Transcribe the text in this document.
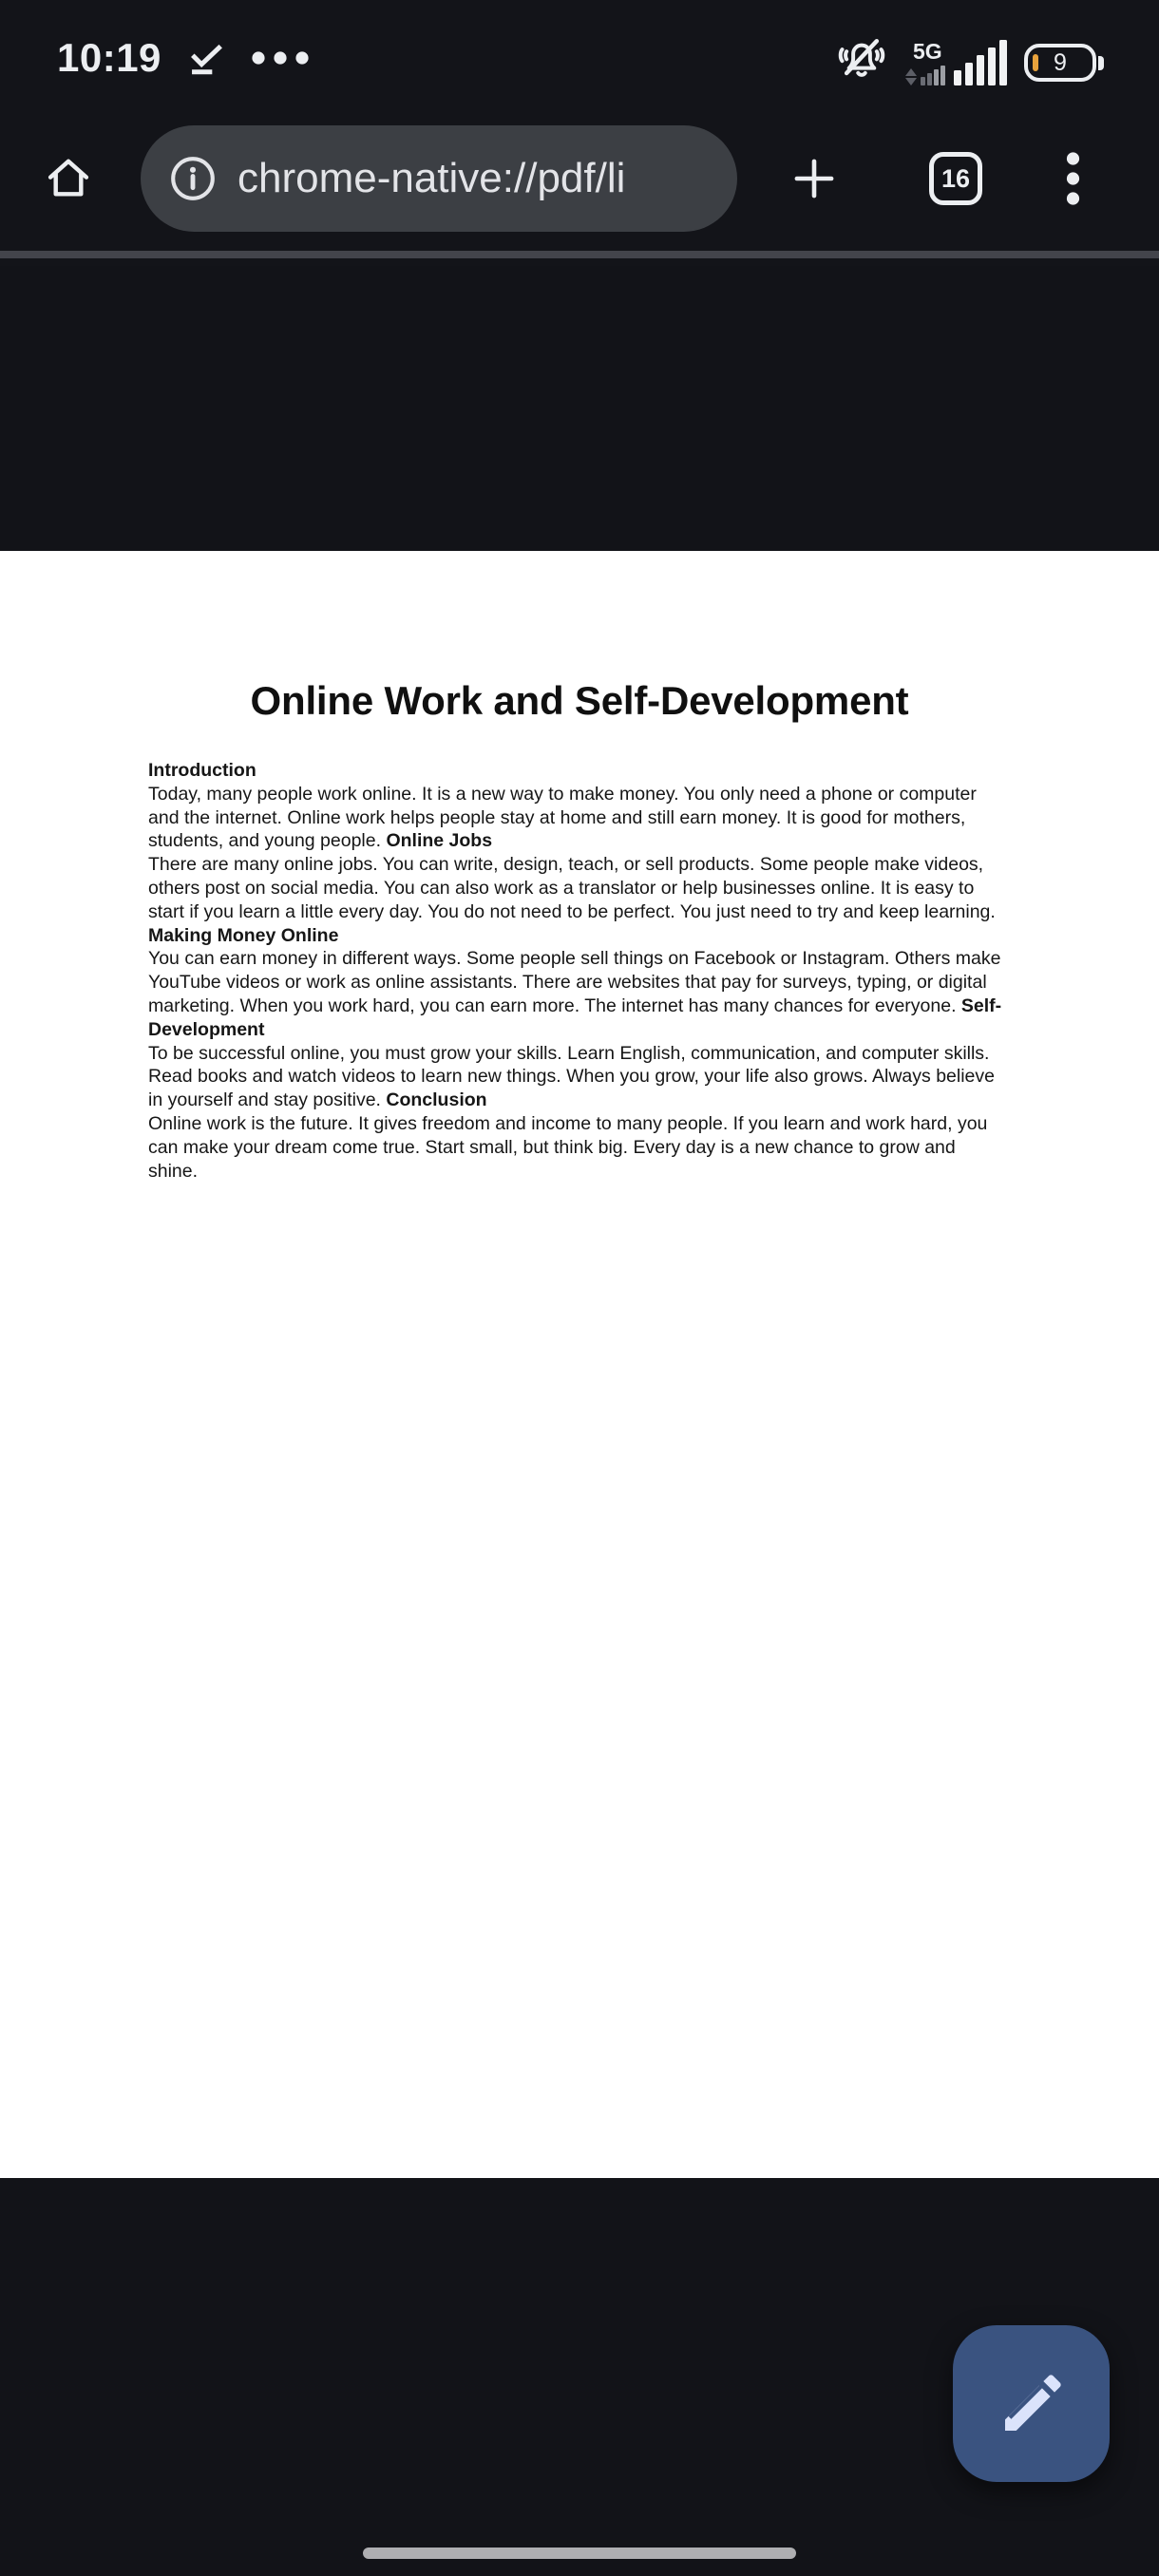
10:19	5G	9
chrome-native://pdf/li	16
Online Work and Self-Development
Introduction
Today, many people work online. It is a new way to make money. You only need a phone or computer and the internet. Online work helps people stay at home and still earn money. It is good for mothers, students, and young people. Online Jobs
There are many online jobs. You can write, design, teach, or sell products. Some people make videos, others post on social media. You can also work as a translator or help businesses online. It is easy to start if you learn a little every day. You do not need to be perfect. You just need to try and keep learning. Making Money Online
You can earn money in different ways. Some people sell things on Facebook or Instagram. Others make YouTube videos or work as online assistants. There are websites that pay for surveys, typing, or digital marketing. When you work hard, you can earn more. The internet has many chances for everyone. Self-Development
To be successful online, you must grow your skills. Learn English, communication, and computer skills. Read books and watch videos to learn new things. When you grow, your life also grows. Always believe in yourself and stay positive. Conclusion
Online work is the future. It gives freedom and income to many people. If you learn and work hard, you can make your dream come true. Start small, but think big. Every day is a new chance to grow and shine.
